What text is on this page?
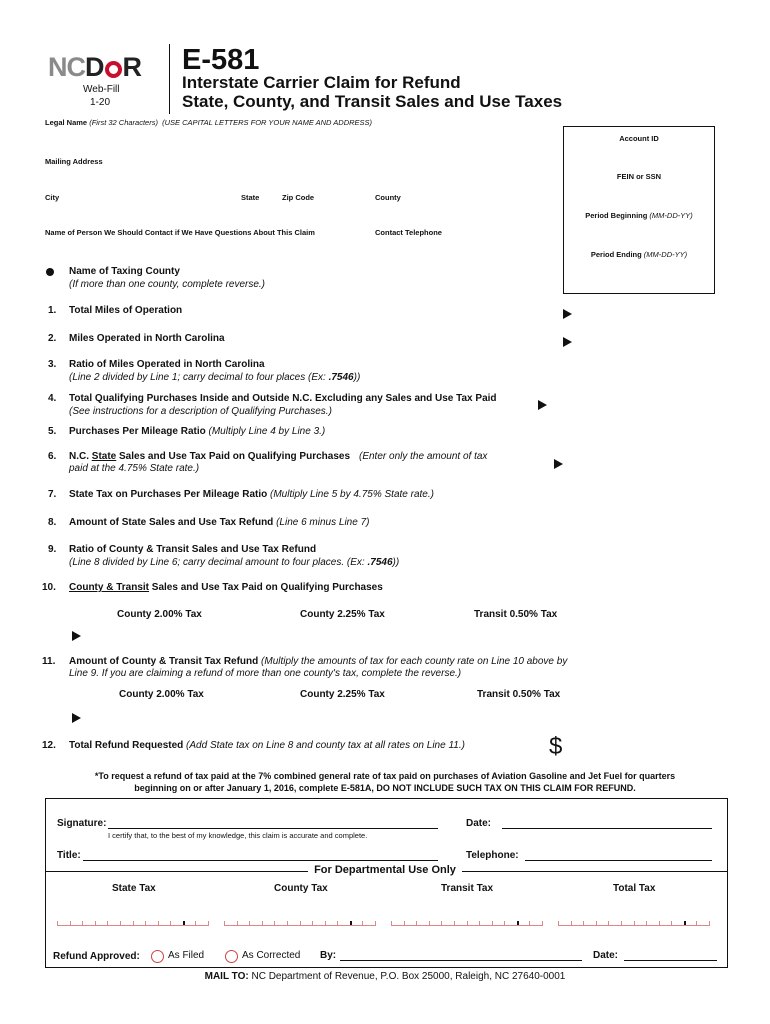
NCD R
Web-Fill
1-20
E-581
Interstate Carrier Claim for Refund
State, County, and Transit Sales and Use Taxes
Legal Name (First 32 Characters) (USE CAPITAL LETTERS FOR YOUR NAME AND ADDRESS)
Mailing Address
City	State	Zip Code	County
Name of Person We Should Contact if We Have Questions About This Claim	Contact Telephone
Account ID
FEIN or SSN
Period Beginning (MM-DD-YY)
Period Ending (MM-DD-YY)
Name of Taxing County
(If more than one county, complete reverse.)
1. Total Miles of Operation
2. Miles Operated in North Carolina
3. Ratio of Miles Operated in North Carolina
(Line 2 divided by Line 1; carry decimal to four places (Ex: .7546))
4. Total Qualifying Purchases Inside and Outside N.C. Excluding any Sales and Use Tax Paid
(See instructions for a description of Qualifying Purchases.)
5. Purchases Per Mileage Ratio (Multiply Line 4 by Line 3.)
6. N.C. State Sales and Use Tax Paid on Qualifying Purchases (Enter only the amount of tax
paid at the 4.75% State rate.)
7. State Tax on Purchases Per Mileage Ratio (Multiply Line 5 by 4.75% State rate.)
8. Amount of State Sales and Use Tax Refund (Line 6 minus Line 7)
9. Ratio of County & Transit Sales and Use Tax Refund
(Line 8 divided by Line 6; carry decimal amount to four places. (Ex: .7546))
10. County & Transit Sales and Use Tax Paid on Qualifying Purchases
County 2.00% Tax	County 2.25% Tax	Transit 0.50% Tax
11. Amount of County & Transit Tax Refund (Multiply the amounts of tax for each county rate on Line 10 above by
Line 9. If you are claiming a refund of more than one county's tax, complete the reverse.)
County 2.00% Tax	County 2.25% Tax	Transit 0.50% Tax
12. Total Refund Requested (Add State tax on Line 8 and county tax at all rates on Line 11.)	$
*To request a refund of tax paid at the 7% combined general rate of tax paid on purchases of Aviation Gasoline and Jet Fuel for quarters
beginning on or after January 1, 2016, complete E-581A, DO NOT INCLUDE SUCH TAX ON THIS CLAIM FOR REFUND.
Signature:
I certify that, to the best of my knowledge, this claim is accurate and complete.
Date:
Title:	Telephone:
For Departmental Use Only
State Tax	County Tax	Transit Tax	Total Tax
Refund Approved:	As Filed	As Corrected By:	Date:
MAIL TO: NC Department of Revenue, P.O. Box 25000, Raleigh, NC 27640-0001
